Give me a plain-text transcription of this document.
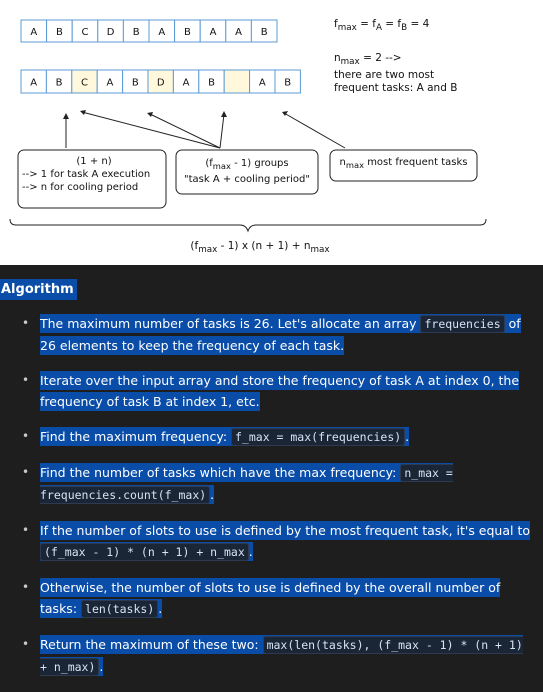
A B C D B A B A A B
A B C A B D A B	A B
$f_{max} = f_A = f_B = 4$
$n_{max} = 2$ -->
there are two most
frequent tasks: A and B
(1 + n)
--> 1 for task A execution
--> n for cooling period
$(f_{max} - 1)$ groups
"task A + cooling period"
$n_{max}$ most frequent tasks
$(f_{max} - 1)$ x $(n + 1) + n_{max}$
Algorithm
• The maximum number of tasks is 26. Let's allocate an array frequencies of 26 elements to keep the frequency of each task.
• Iterate over the input array and store the frequency of task A at index 0, the frequency of task B at index 1, etc.
• Find the maximum frequency: f_max = max(frequencies) .
• Find the number of tasks which have the max frequency: n_max = frequencies.count(f_max) .
• If the number of slots to use is defined by the most frequent task, it's equal to (f_max - 1) * (n + 1) + n_max .
• Otherwise, the number of slots to use is defined by the overall number of tasks: len(tasks) .
• Return the maximum of these two: max(len(tasks), (f_max - 1) * (n + 1) + n_max) .
